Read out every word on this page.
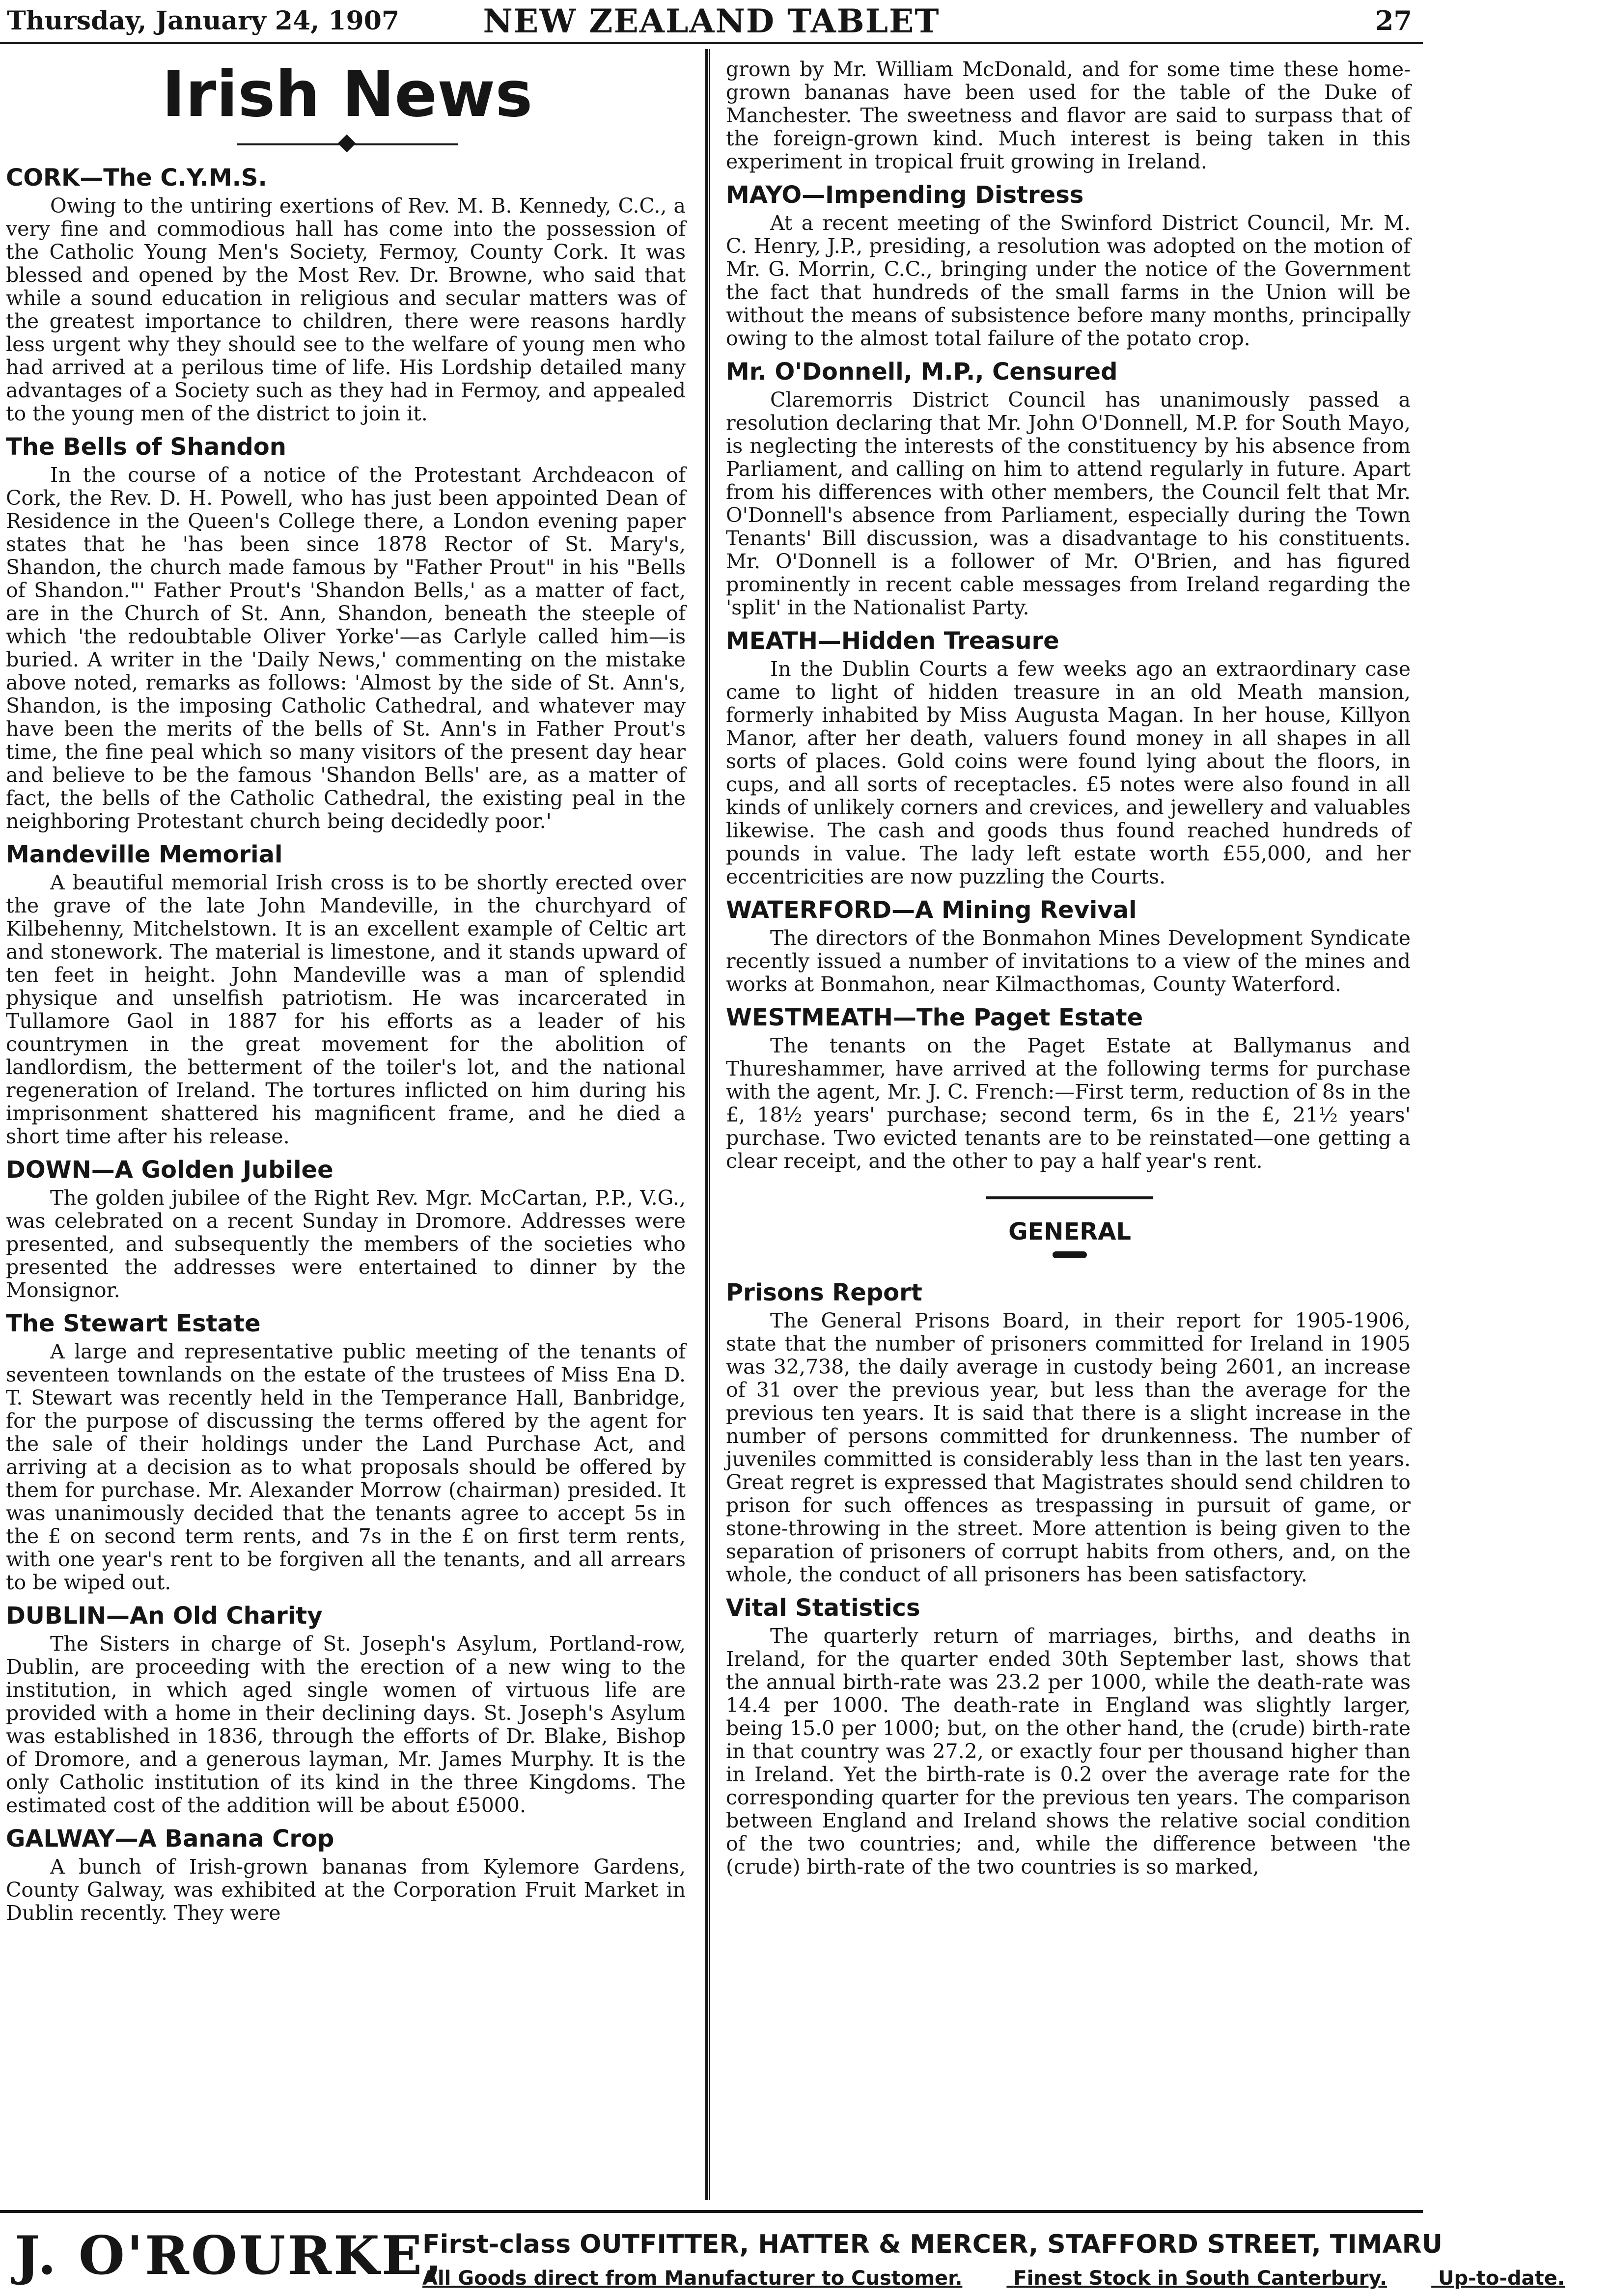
Thursday, January 24, 1907	NEW ZEALAND TABLET	27
Irish News
CORK—The C.Y.M.S.

Owing to the untiring exertions of Rev. M. B. Kennedy, C.C., a very fine and commodious hall has come into the possession of the Catholic Young Men's Society, Fermoy, County Cork. It was blessed and opened by the Most Rev. Dr. Browne, who said that while a sound education in religious and secular matters was of the greatest importance to children, there were reasons hardly less urgent why they should see to the welfare of young men who had arrived at a perilous time of life. His Lordship detailed many advantages of a Society such as they had in Fermoy, and appealed to the young men of the district to join it.

The Bells of Shandon

In the course of a notice of the Protestant Archdeacon of Cork, the Rev. D. H. Powell, who has just been appointed Dean of Residence in the Queen's College there, a London evening paper states that he 'has been since 1878 Rector of St. Mary's, Shandon, the church made famous by "Father Prout" in his "Bells of Shandon."' Father Prout's 'Shandon Bells,' as a matter of fact, are in the Church of St. Ann, Shandon, beneath the steeple of which 'the redoubtable Oliver Yorke'—as Carlyle called him—is buried. A writer in the 'Daily News,' commenting on the mistake above noted, remarks as follows: 'Almost by the side of St. Ann's, Shandon, is the imposing Catholic Cathedral, and whatever may have been the merits of the bells of St. Ann's in Father Prout's time, the fine peal which so many visitors of the present day hear and believe to be the famous 'Shandon Bells' are, as a matter of fact, the bells of the Catholic Cathedral, the existing peal in the neighboring Protestant church being decidedly poor.'

Mandeville Memorial

A beautiful memorial Irish cross is to be shortly erected over the grave of the late John Mandeville, in the churchyard of Kilbehenny, Mitchelstown. It is an excellent example of Celtic art and stonework. The material is limestone, and it stands upward of ten feet in height. John Mandeville was a man of splendid physique and unselfish patriotism. He was incarcerated in Tullamore Gaol in 1887 for his efforts as a leader of his countrymen in the great movement for the abolition of landlordism, the betterment of the toiler's lot, and the national regeneration of Ireland. The tortures inflicted on him during his imprisonment shattered his magnificent frame, and he died a short time after his release.

DOWN—A Golden Jubilee

The golden jubilee of the Right Rev. Mgr. McCartan, P.P., V.G., was celebrated on a recent Sunday in Dromore. Addresses were presented, and subsequently the members of the societies who presented the addresses were entertained to dinner by the Monsignor.

The Stewart Estate

A large and representative public meeting of the tenants of seventeen townlands on the estate of the trustees of Miss Ena D. T. Stewart was recently held in the Temperance Hall, Banbridge, for the purpose of discussing the terms offered by the agent for the sale of their holdings under the Land Purchase Act, and arriving at a decision as to what proposals should be offered by them for purchase. Mr. Alexander Morrow (chairman) presided. It was unanimously decided that the tenants agree to accept 5s in the £ on second term rents, and 7s in the £ on first term rents, with one year's rent to be forgiven all the tenants, and all arrears to be wiped out.

DUBLIN—An Old Charity

The Sisters in charge of St. Joseph's Asylum, Portland-row, Dublin, are proceeding with the erection of a new wing to the institution, in which aged single women of virtuous life are provided with a home in their declining days. St. Joseph's Asylum was established in 1836, through the efforts of Dr. Blake, Bishop of Dromore, and a generous layman, Mr. James Murphy. It is the only Catholic institution of its kind in the three Kingdoms. The estimated cost of the addition will be about £5000.

GALWAY—A Banana Crop

A bunch of Irish-grown bananas from Kylemore Gardens, County Galway, was exhibited at the Corporation Fruit Market in Dublin recently. They were

grown by Mr. William McDonald, and for some time these home-grown bananas have been used for the table of the Duke of Manchester. The sweetness and flavor are said to surpass that of the foreign-grown kind. Much interest is being taken in this experiment in tropical fruit growing in Ireland.

MAYO—Impending Distress

At a recent meeting of the Swinford District Council, Mr. M. C. Henry, J.P., presiding, a resolution was adopted on the motion of Mr. G. Morrin, C.C., bringing under the notice of the Government the fact that hundreds of the small farms in the Union will be without the means of subsistence before many months, principally owing to the almost total failure of the potato crop.

Mr. O'Donnell, M.P., Censured

Claremorris District Council has unanimously passed a resolution declaring that Mr. John O'Donnell, M.P. for South Mayo, is neglecting the interests of the constituency by his absence from Parliament, and calling on him to attend regularly in future. Apart from his differences with other members, the Council felt that Mr. O'Donnell's absence from Parliament, especially during the Town Tenants' Bill discussion, was a disadvantage to his constituents. Mr. O'Donnell is a follower of Mr. O'Brien, and has figured prominently in recent cable messages from Ireland regarding the 'split' in the Nationalist Party.

MEATH—Hidden Treasure

In the Dublin Courts a few weeks ago an extraordinary case came to light of hidden treasure in an old Meath mansion, formerly inhabited by Miss Augusta Magan. In her house, Killyon Manor, after her death, valuers found money in all shapes in all sorts of places. Gold coins were found lying about the floors, in cups, and all sorts of receptacles. £5 notes were also found in all kinds of unlikely corners and crevices, and jewellery and valuables likewise. The cash and goods thus found reached hundreds of pounds in value. The lady left estate worth £55,000, and her eccentricities are now puzzling the Courts.

WATERFORD—A Mining Revival

The directors of the Bonmahon Mines Development Syndicate recently issued a number of invitations to a view of the mines and works at Bonmahon, near Kilmacthomas, County Waterford.

WESTMEATH—The Paget Estate

The tenants on the Paget Estate at Ballymanus and Thureshammer, have arrived at the following terms for purchase with the agent, Mr. J. C. French:—First term, reduction of 8s in the £, 18½ years' purchase; second term, 6s in the £, 21½ years' purchase. Two evicted tenants are to be reinstated—one getting a clear receipt, and the other to pay a half year's rent.

GENERAL
Prisons Report

The General Prisons Board, in their report for 1905-1906, state that the number of prisoners committed for Ireland in 1905 was 32,738, the daily average in custody being 2601, an increase of 31 over the previous year, but less than the average for the previous ten years. It is said that there is a slight increase in the number of persons committed for drunkenness. The number of juveniles committed is considerably less than in the last ten years. Great regret is expressed that Magistrates should send children to prison for such offences as trespassing in pursuit of game, or stone-throwing in the street. More attention is being given to the separation of prisoners of corrupt habits from others, and, on the whole, the conduct of all prisoners has been satisfactory.

Vital Statistics

The quarterly return of marriages, births, and deaths in Ireland, for the quarter ended 30th September last, shows that the annual birth-rate was 23.2 per 1000, while the death-rate was 14.4 per 1000. The death-rate in England was slightly larger, being 15.0 per 1000; but, on the other hand, the (crude) birth-rate in that country was 27.2, or exactly four per thousand higher than in Ireland. Yet the birth-rate is 0.2 over the average rate for the corresponding quarter for the previous ten years. The comparison between England and Ireland shows the relative social condition of the two countries; and, while the difference between 'the (crude) birth-rate of the two countries is so marked,

J. O'ROURKE,
First-class OUTFITTER, HATTER & MERCER, STAFFORD STREET, TIMARU
All Goods direct from Manufacturer to Customer.	Finest Stock in South Canterbury.	Up-to-date.
